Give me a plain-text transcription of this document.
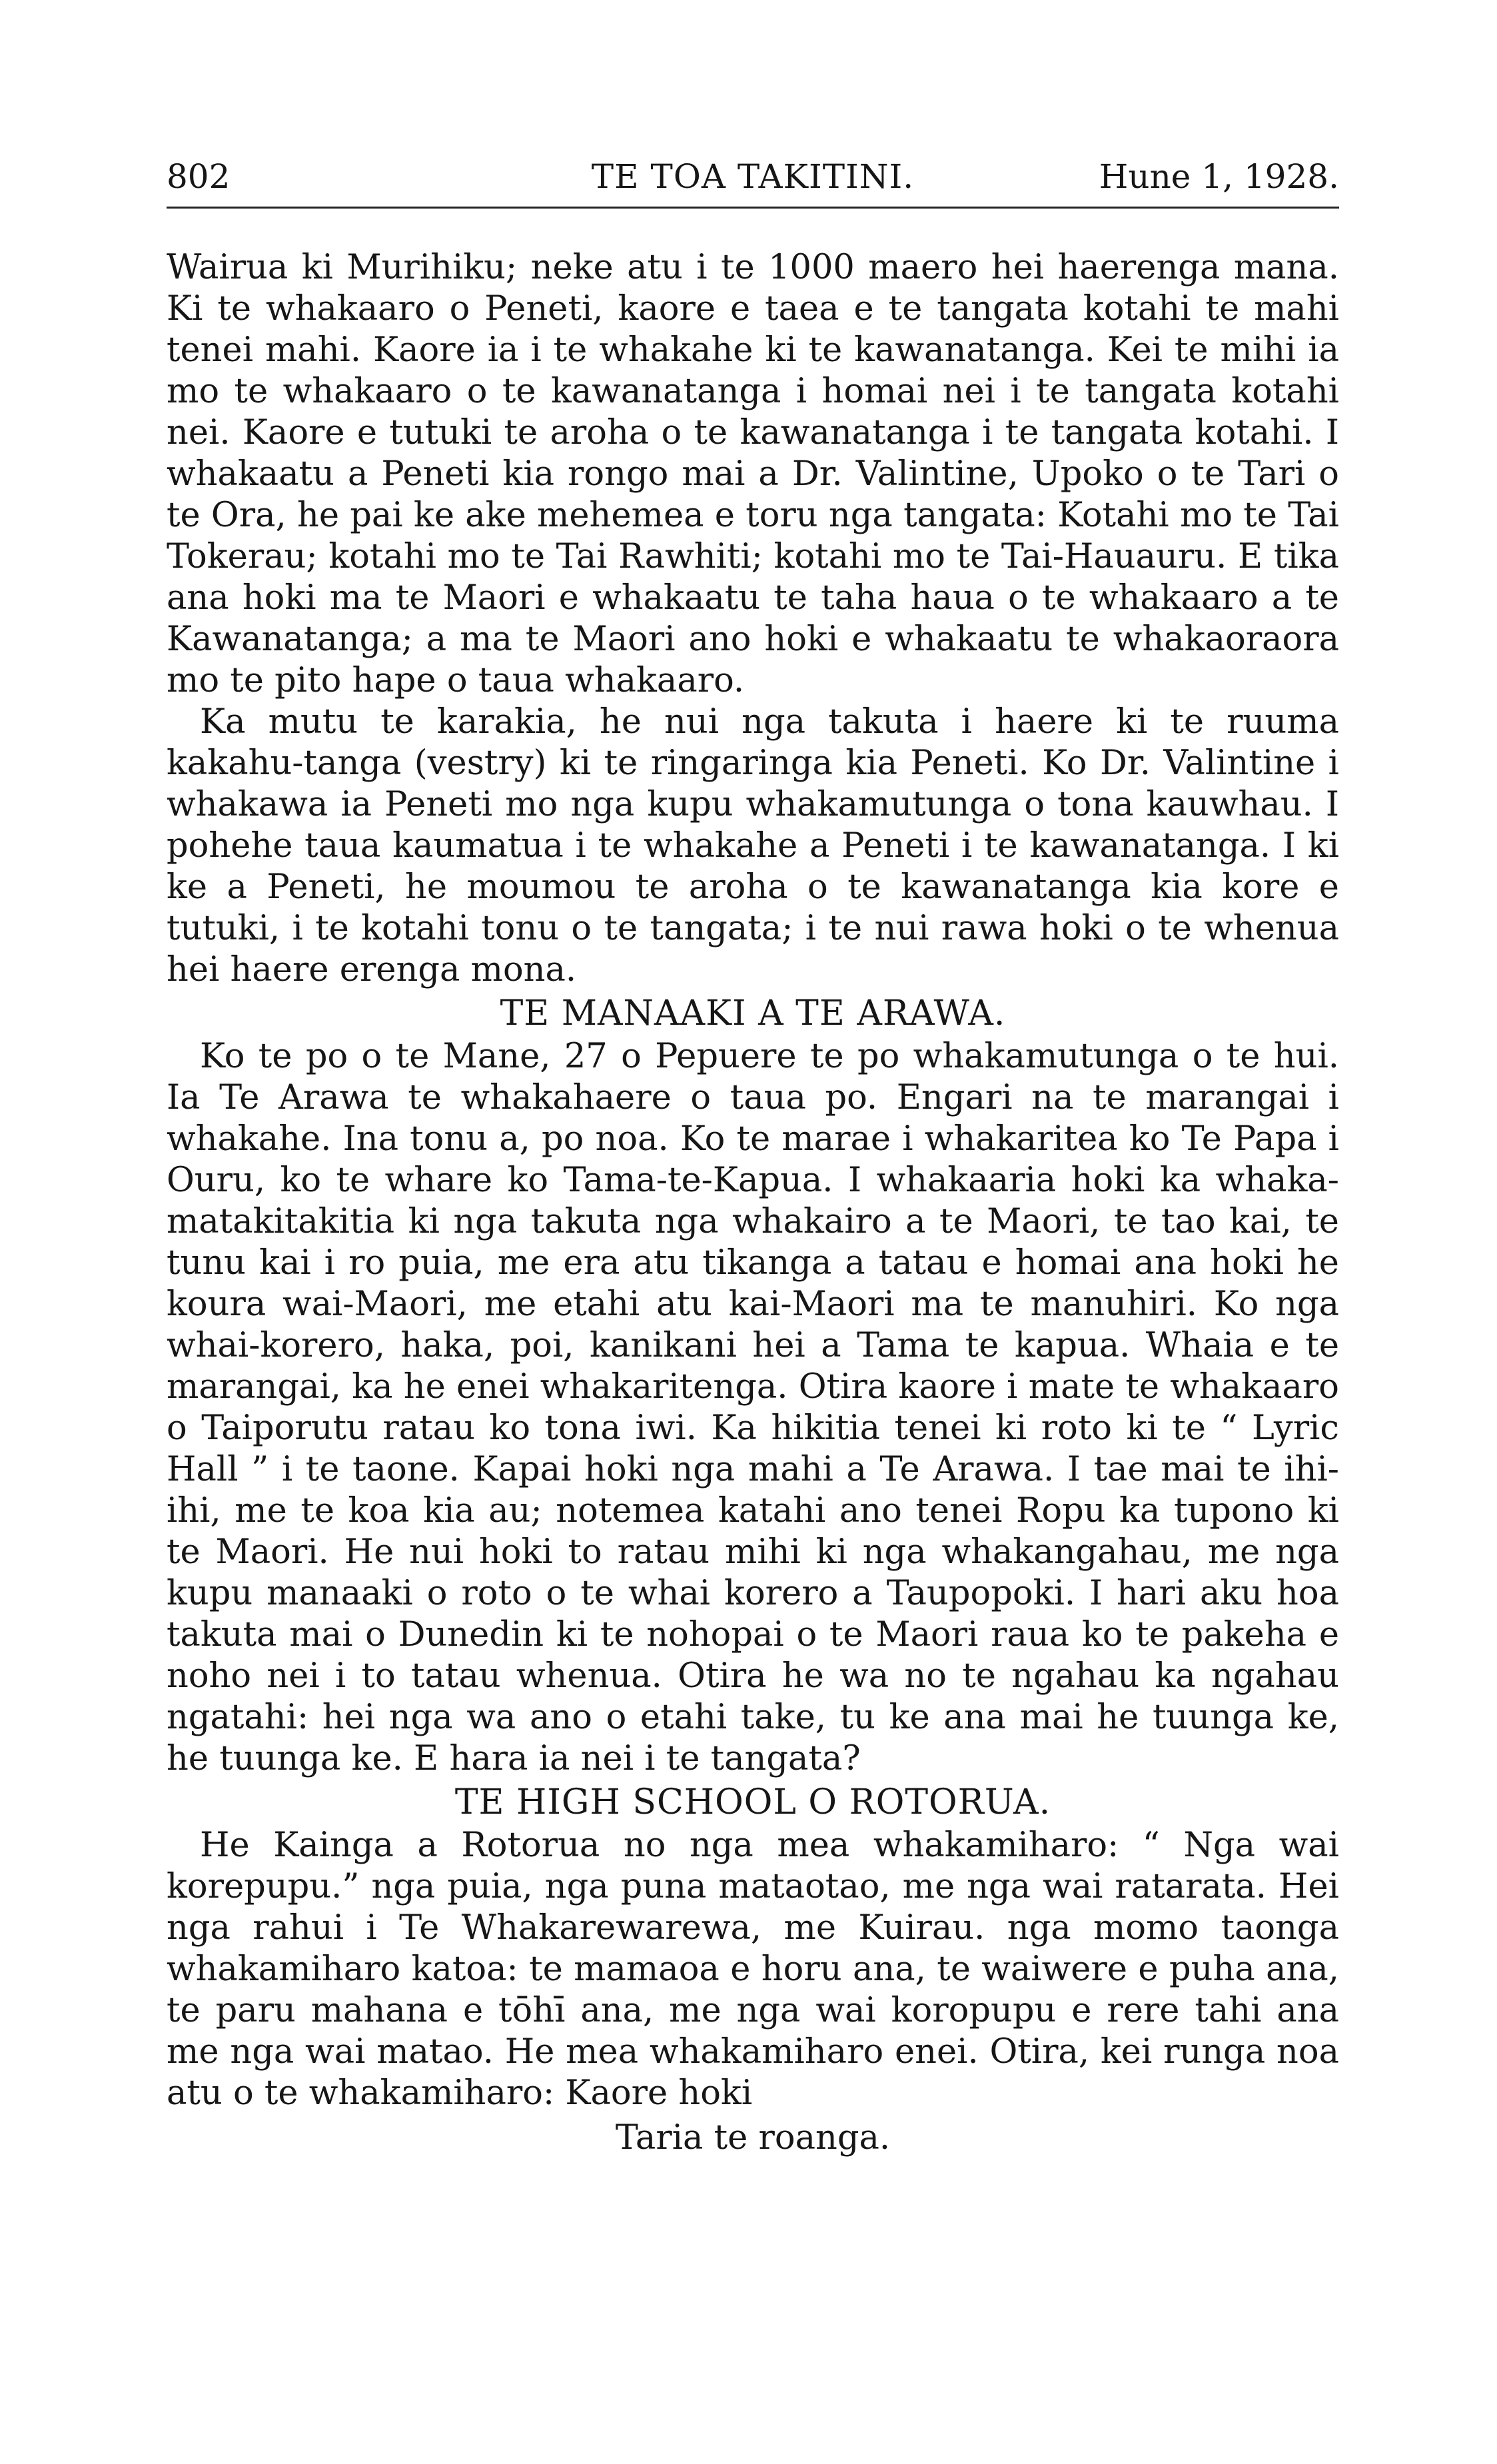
802	TE TOA TAKITINI.	Hune 1, 1928.

Wairua ki Murihiku; neke atu i te 1000 maero hei haerenga mana. Ki te whakaaro o Peneti, kaore e taea e te tangata kotahi te mahi tenei mahi. Kaore ia i te whakahe ki te kawanatanga. Kei te mihi ia mo te whakaaro o te kawanatanga i homai nei i te tangata kotahi nei. Kaore e tutuki te aroha o te kawanatanga i te tangata kotahi. I whakaatu a Peneti kia rongo mai a Dr. Valintine, Upoko o te Tari o te Ora, he pai ke ake mehemea e toru nga tangata: Kotahi mo te Tai Tokerau; kotahi mo te Tai Rawhiti; kotahi mo te Tai-Hauauru. E tika ana hoki ma te Maori e whakaatu te taha haua o te whakaaro a te Kawanatanga; a ma te Maori ano hoki e whakaatu te whakaoraora mo te pito hape o taua whakaaro.

Ka mutu te karakia, he nui nga takuta i haere ki te ruuma kakahu-tanga (vestry) ki te ringaringa kia Peneti. Ko Dr. Valintine i whakawa ia Peneti mo nga kupu whakamutunga o tona kauwhau. I pohehe taua kaumatua i te whakahe a Peneti i te kawanatanga. I ki ke a Peneti, he moumou te aroha o te kawanatanga kia kore e tutuki, i te kotahi tonu o te tangata; i te nui rawa hoki o te whenua hei haere erenga mona.

TE MANAAKI A TE ARAWA.

Ko te po o te Mane, 27 o Pepuere te po whakamutunga o te hui. Ia Te Arawa te whakahaere o taua po. Engari na te marangai i whakahe. Ina tonu a, po noa. Ko te marae i whakaritea ko Te Papa i Ouru, ko te whare ko Tama-te-Kapua. I whakaaria hoki ka whaka-matakitakitia ki nga takuta nga whakairo a te Maori, te tao kai, te tunu kai i ro puia, me era atu tikanga a tatau e homai ana hoki he koura wai-Maori, me etahi atu kai-Maori ma te manuhiri. Ko nga whai-korero, haka, poi, kanikani hei a Tama te kapua. Whaia e te marangai, ka he enei whakaritenga. Otira kaore i mate te whakaaro o Taiporutu ratau ko tona iwi. Ka hikitia tenei ki roto ki te “ Lyric Hall ” i te taone. Kapai hoki nga mahi a Te Arawa. I tae mai te ihi-ihi, me te koa kia au; notemea katahi ano tenei Ropu ka tupono ki te Maori. He nui hoki to ratau mihi ki nga whakangahau, me nga kupu manaaki o roto o te whai korero a Taupopoki. I hari aku hoa takuta mai o Dunedin ki te nohopai o te Maori raua ko te pakeha e noho nei i to tatau whenua. Otira he wa no te ngahau ka ngahau ngatahi: hei nga wa ano o etahi take, tu ke ana mai he tuunga ke, he tuunga ke. E hara ia nei i te tangata?

TE HIGH SCHOOL O ROTORUA.

He Kainga a Rotorua no nga mea whakamiharo: “ Nga wai korepupu.” nga puia, nga puna mataotao, me nga wai ratarata. Hei nga rahui i Te Whakarewarewa, me Kuirau. nga momo taonga whakamiharo katoa: te mamaoa e horu ana, te waiwere e puha ana, te paru mahana e tōhī ana, me nga wai koropupu e rere tahi ana me nga wai matao. He mea whakamiharo enei. Otira, kei runga noa atu o te whakamiharo: Kaore hoki

Taria te roanga.
